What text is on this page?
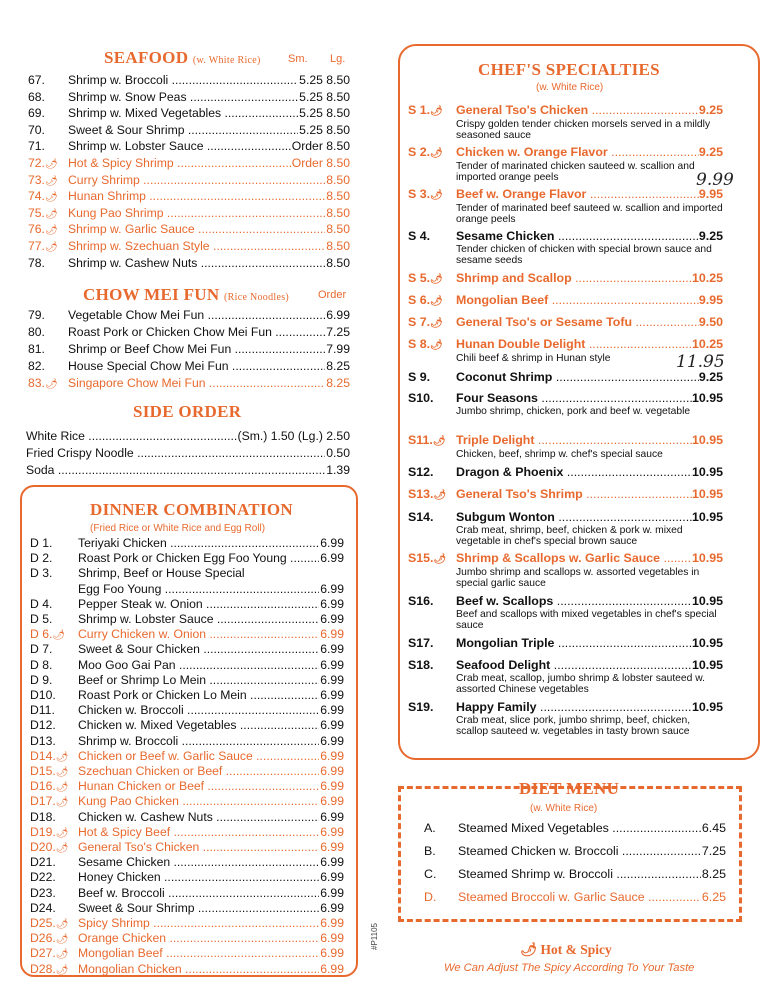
SEAFOOD (w. White Rice) Sm. Lg.
67.	Shrimp w. Broccoli .....	5.25 8.50
68.	Shrimp w. Snow Peas .....	5.25 8.50
69.	Shrimp w. Mixed Vegetables .....	5.25 8.50
70.	Sweet & Sour Shrimp .....	5.25 8.50
71.	Shrimp w. Lobster Sauce .....	Order 8.50
72.🌶︎ Hot & Spicy Shrimp .....	Order 8.50
73.🌶︎ Curry Shrimp .....	8.50
74.🌶︎ Hunan Shrimp .....	8.50
75.🌶︎ Kung Pao Shrimp .....	8.50
76.🌶︎ Shrimp w. Garlic Sauce .....	8.50
77.🌶︎ Shrimp w. Szechuan Style .....	8.50
78.	Shrimp w. Cashew Nuts .....	8.50
CHOW MEI FUN (Rice Noodles)	Order
79.	Vegetable Chow Mei Fun .....	6.99
80.	Roast Pork or Chicken Chow Mei Fun .....	7.25
81.	Shrimp or Beef Chow Mei Fun .....	7.99
82.	House Special Chow Mei Fun .....	8.25
83.🌶︎ Singapore Chow Mei Fun .....	8.25
SIDE ORDER
White Rice .....	(Sm.) 1.50 (Lg.) 2.50
Fried Crispy Noodle .....	0.50
Soda .....	1.39
DINNER COMBINATION
(Fried Rice or White Rice and Egg Roll)
D 1.	Teriyaki Chicken .....	6.99
D 2.	Roast Pork or Chicken Egg Foo Young .....	6.99
D 3.	Shrimp, Beef or House Special
Egg Foo Young .....	6.99
D 4.	Pepper Steak w. Onion .....	6.99
D 5.	Shrimp w. Lobster Sauce .....	6.99
D 6.🌶︎	Curry Chicken w. Onion .....	6.99
D 7.	Sweet & Sour Chicken .....	6.99
D 8.	Moo Goo Gai Pan .....	6.99
D 9.	Beef or Shrimp Lo Mein .....	6.99
D10.	Roast Pork or Chicken Lo Mein .....	6.99
D11.	Chicken w. Broccoli .....	6.99
D12.	Chicken w. Mixed Vegetables .....	6.99
D13.	Shrimp w. Broccoli .....	6.99
D14.🌶︎ Chicken or Beef w. Garlic Sauce .....	6.99
D15.🌶︎ Szechuan Chicken or Beef .....	6.99
D16.🌶︎ Hunan Chicken or Beef .....	6.99
D17.🌶︎ Kung Pao Chicken .....	6.99
D18.	Chicken w. Cashew Nuts .....	6.99
D19.🌶︎ Hot & Spicy Beef .....	6.99
D20.🌶︎ General Tso's Chicken .....	6.99
D21.	Sesame Chicken .....	6.99
D22.	Honey Chicken .....	6.99
D23.	Beef w. Broccoli .....	6.99
D24.	Sweet & Sour Shrimp .....	6.99
D25.🌶︎ Spicy Shrimp .....	6.99
D26.🌶︎ Orange Chicken .....	6.99
D27.🌶︎ Mongolian Beef .....	6.99
D28.🌶︎ Mongolian Chicken .....	6.99
CHEF'S SPECIALTIES
(w. White Rice)
S 1.🌶︎	General Tso's Chicken .....	9.25
Crispy golden tender chicken morsels served in a mildly seasoned sauce
S 2.🌶︎	Chicken w. Orange Flavor .....	9.25
Tender of marinated chicken sauteed w. scallion and imported orange peels
S 3.🌶︎	Beef w. Orange Flavor .....	9.95
Tender of marinated beef sauteed w. scallion and imported orange peels
S 4.	Sesame Chicken .....	9.25
Tender chicken of chicken with special brown sauce and sesame seeds
S 5.🌶︎	Shrimp and Scallop .....	10.25
S 6.🌶︎	Mongolian Beef .....	9.95
S 7.🌶︎	General Tso's or Sesame Tofu .....	9.50
S 8.🌶︎	Hunan Double Delight .....	10.25
Chili beef & shrimp in Hunan style
S 9.	Coconut Shrimp .....	9.25
S10.	Four Seasons .....	10.95
Jumbo shrimp, chicken, pork and beef w. vegetable
S11.🌶︎ Triple Delight .....	10.95
Chicken, beef, shrimp w. chef's special sauce
S12.	Dragon & Phoenix .....	10.95
S13.🌶︎ General Tso's Shrimp .....	10.95
S14.	Subgum Wonton .....	10.95
Crab meat, shrimp, beef, chicken & pork w. mixed vegetable in chef's special brown sauce
S15.🌶︎ Shrimp & Scallops w. Garlic Sauce .....	10.95
Jumbo shrimp and scallops w. assorted vegetables in special garlic sauce
S16.	Beef w. Scallops .....	10.95
Beef and scallops with mixed vegetables in chef's special sauce
S17.	Mongolian Triple .....	10.95
S18.	Seafood Delight .....	10.95
Crab meat, scallop, jumbo shrimp & lobster sauteed w. assorted Chinese vegetables
S19.	Happy Family .....	10.95
Crab meat, slice pork, jumbo shrimp, beef, chicken, scallop sauteed w. vegetables in tasty brown sauce
9.99
11.95
DIET MENU
(w. White Rice)
A.	Steamed Mixed Vegetables .....	6.45
B.	Steamed Chicken w. Broccoli .....	7.25
C.	Steamed Shrimp w. Broccoli .....	8.25
D.	Steamed Broccoli w. Garlic Sauce .....	6.25
🌶︎ Hot & Spicy
We Can Adjust The Spicy According To Your Taste
#P1105
